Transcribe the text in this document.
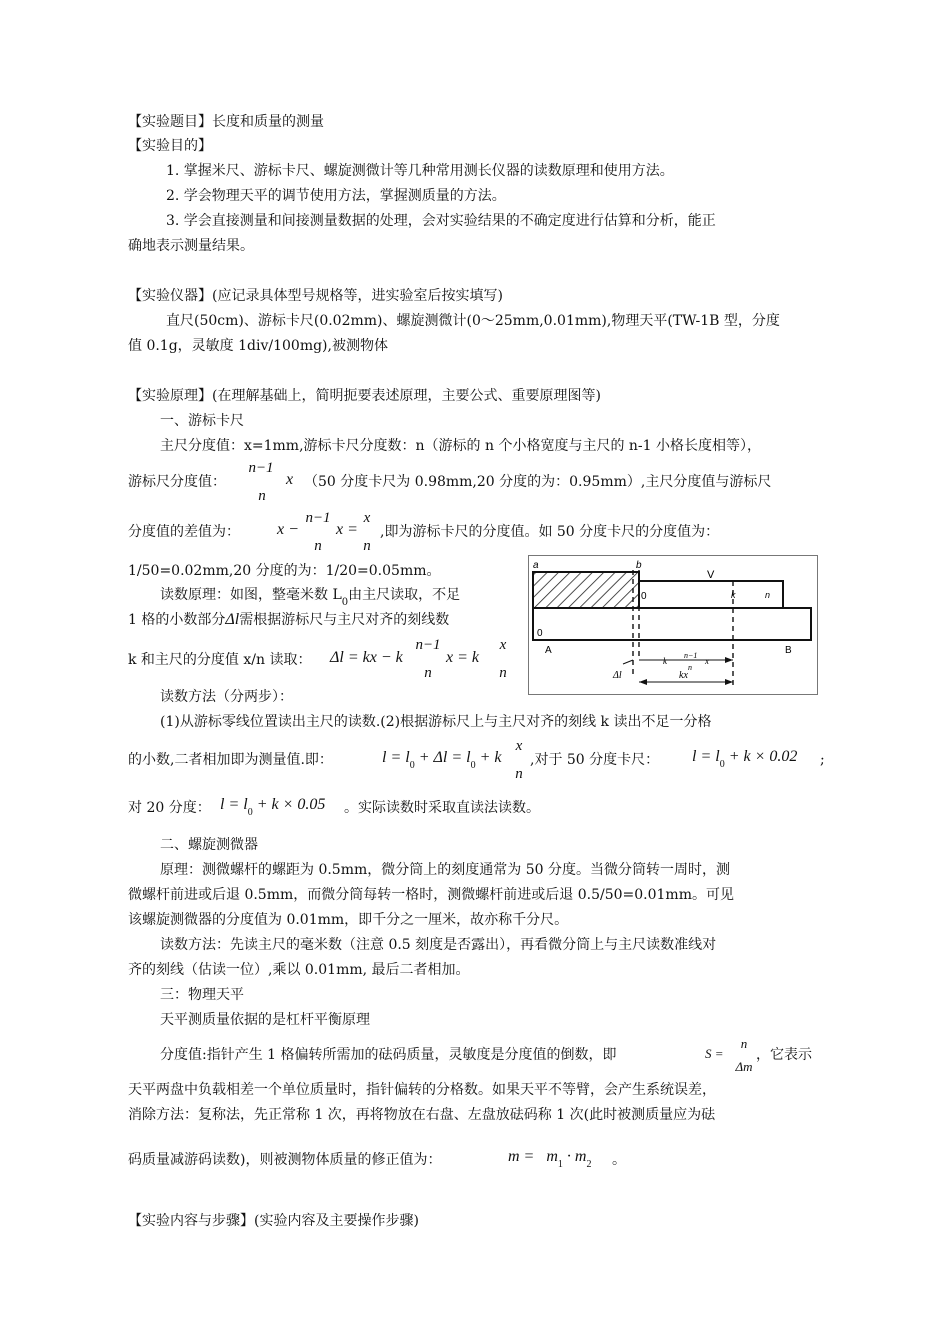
【实验题目】长度和质量的测量
【实验目的】
1. 掌握米尺、游标卡尺、螺旋测微计等几种常用测长仪器的读数原理和使用方法。
2. 学会物理天平的调节使用方法，掌握测质量的方法。
3. 学会直接测量和间接测量数据的处理，会对实验结果的不确定度进行估算和分析，能正
确地表示测量结果。
【实验仪器】(应记录具体型号规格等，进实验室后按实填写)
直尺(50cm)、游标卡尺(0.02mm)、螺旋测微计(0～25mm,0.01mm),物理天平(TW-1B 型，分度
值 0.1g，灵敏度 1div/100mg),被测物体
【实验原理】(在理解基础上，简明扼要表述原理，主要公式、重要原理图等)
一、游标卡尺
主尺分度值：x=1mm,游标卡尺分度数：n（游标的 n 个小格宽度与主尺的 n-1 小格长度相等），
游标尺分度值：
n−1
n
x （50 分度卡尺为 0.98mm,20 分度的为：0.95mm）,主尺分度值与游标尺
分度值的差值为： x −
n−1
n
x =
x
n
,即为游标卡尺的分度值。如 50 分度卡尺的分度值为：
1/50=0.02mm,20 分度的为：1/20=0.05mm。
读数原理：如图，整毫米数 $L_0$由主尺读取，不足
1 格的小数部分Δl需根据游标尺与主尺对齐的刻线数
k 和主尺的分度值 x/n 读取： Δl = kx − k
n−1
n
x = k
x
n
a	b
V
k	n
0
0
A	B
Δl	kx
k
n−1
n
x
读数方法（分两步）：
(1)从游标零线位置读出主尺的读数.(2)根据游标尺上与主尺对齐的刻线 k 读出不足一分格
的小数,二者相加即为测量值.即：	$l = l_0 + \Delta l = l_0 + k$
x
n
,对于 50 分度卡尺： $l = l_0 + k \times 0.02$ ;
对 20 分度： $l = l_0 + k \times 0.05$ 。实际读数时采取直读法读数。
二、螺旋测微器
原理：测微螺杆的螺距为 0.5mm，微分筒上的刻度通常为 50 分度。当微分筒转一周时，测
微螺杆前进或后退 0.5mm，而微分筒每转一格时，测微螺杆前进或后退 0.5/50=0.01mm。可见
该螺旋测微器的分度值为 0.01mm，即千分之一厘米，故亦称千分尺。
读数方法：先读主尺的毫米数（注意 0.5 刻度是否露出），再看微分筒上与主尺读数准线对
齐的刻线（估读一位）,乘以 0.01mm, 最后二者相加。
三：物理天平
天平测质量依据的是杠杆平衡原理
分度值:指针产生 1 格偏转所需加的砝码质量，灵敏度是分度值的倒数，即	S =
n
Δm
，它表示
天平两盘中负载相差一个单位质量时，指针偏转的分格数。如果天平不等臂，会产生系统误差，
消除方法：复称法，先正常称 1 次，再将物放在右盘、左盘放砝码称 1 次(此时被测质量应为砝
码质量减游码读数)，则被测物体质量的修正值为：	$m = m_1 \cdot m_2$ 。
【实验内容与步骤】(实验内容及主要操作步骤)
